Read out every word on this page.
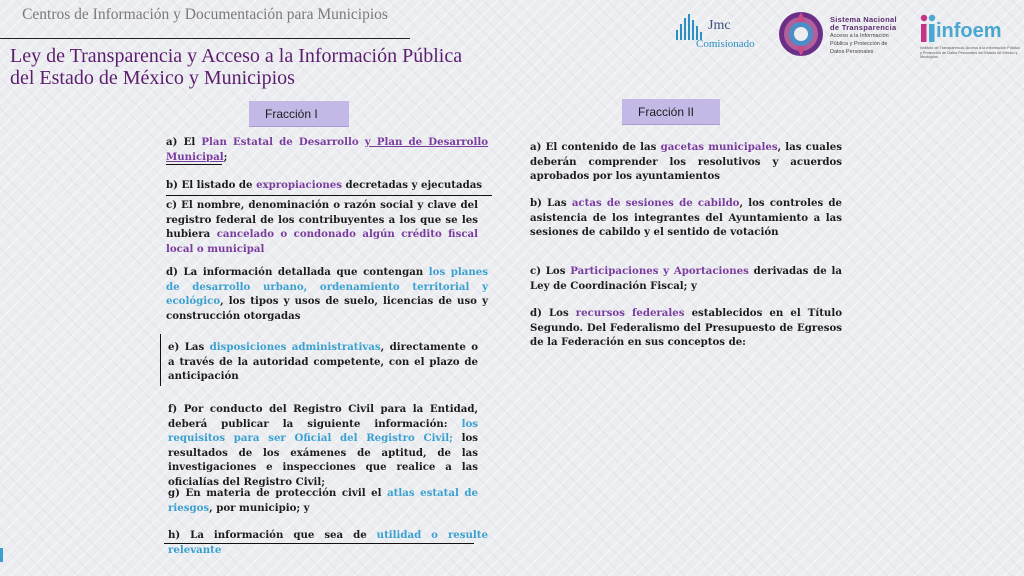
Centros de Información y Documentación para Municipios
Ley de Transparencia y Acceso a la Información Pública del Estado de México y Municipios
Jmc
Comisionado
Sistema Nacional
de Transparencia
Acceso a la Información Pública y Protección de Datos Personales
infoem
Instituto de Transparencia, Acceso a la Información Pública y Protección de Datos Personales del Estado de México y Municipios
Fracción I	Fracción II
a) El Plan Estatal de Desarrollo y Plan de Desarrollo Municipal;
b) El listado de expropiaciones decretadas y ejecutadas
c) El nombre, denominación o razón social y clave del registro federal de los contribuyentes a los que se les hubiera cancelado o condonado algún crédito fiscal local o municipal
d) La información detallada que contengan los planes de desarrollo urbano, ordenamiento territorial y ecológico, los tipos y usos de suelo, licencias de uso y construcción otorgadas
e) Las disposiciones administrativas, directamente o a través de la autoridad competente, con el plazo de anticipación
f) Por conducto del Registro Civil para la Entidad, deberá publicar la siguiente información: los requisitos para ser Oficial del Registro Civil; los resultados de los exámenes de aptitud, de las investigaciones e inspecciones que realice a las oficialías del Registro Civil;
g) En materia de protección civil el atlas estatal de riesgos, por municipio; y
h) La información que sea de utilidad o resulte relevante
a) El contenido de las gacetas municipales, las cuales deberán comprender los resolutivos y acuerdos aprobados por los ayuntamientos
b) Las actas de sesiones de cabildo, los controles de asistencia de los integrantes del Ayuntamiento a las sesiones de cabildo y el sentido de votación
c) Los Participaciones y Aportaciones derivadas de la Ley de Coordinación Fiscal; y
d) Los recursos federales establecidos en el Título Segundo. Del Federalismo del Presupuesto de Egresos de la Federación en sus conceptos de:
